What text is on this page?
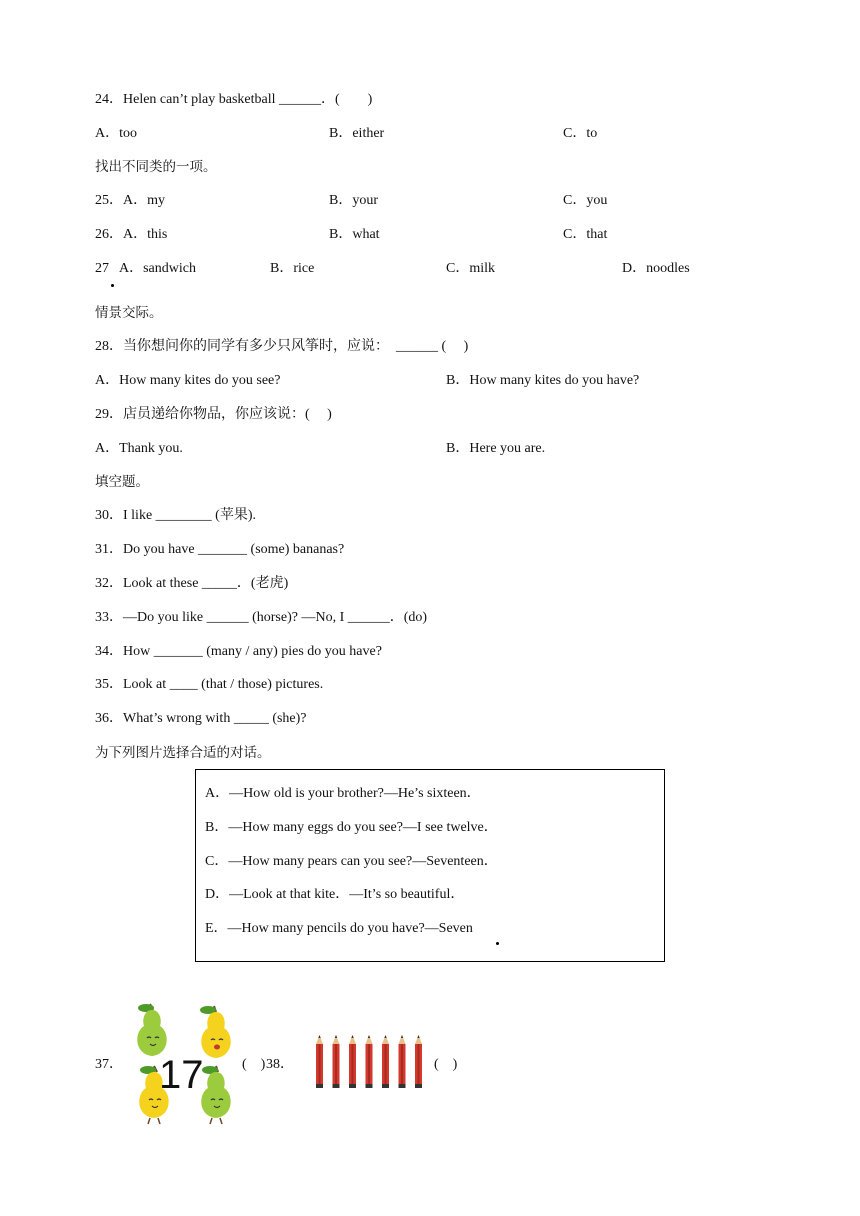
24．Helen can’t play basketball ______．(　　)
A．too	B．either	C．to
找出不同类的一项。
25．A．my	B．your	C．you
26．A．this	B．what	C．that
27 A．sandwich	B．rice	C．milk	D．noodles
情景交际。
28．当你想问你的同学有多少只风筝时，应说：  ______ (　 )
A．How many kites do you see?	B．How many kites do you have?
29．店员递给你物品，你应该说：(　 )
A．Thank you.	B．Here you are.
填空题。
30．I like ________ (苹果).
31．Do you have _______ (some) bananas?
32．Look at these _____．(老虎)
33．—Do you like ______ (horse)? —No, I ______．(do)
34．How _______ (many / any) pies do you have?
35．Look at ____ (that / those) pictures.
36．What’s wrong with _____ (she)?
为下列图片选择合适的对话。
A．—How old is your brother?—He’s sixteen．
B．—How many eggs do you see?—I see twelve．
C．—How many pears can you see?—Seventeen．
D．—Look at that kite．—It’s so beautiful．
E．—How many pencils do you have?—Seven
37． 17	(　) 38．	(　)
